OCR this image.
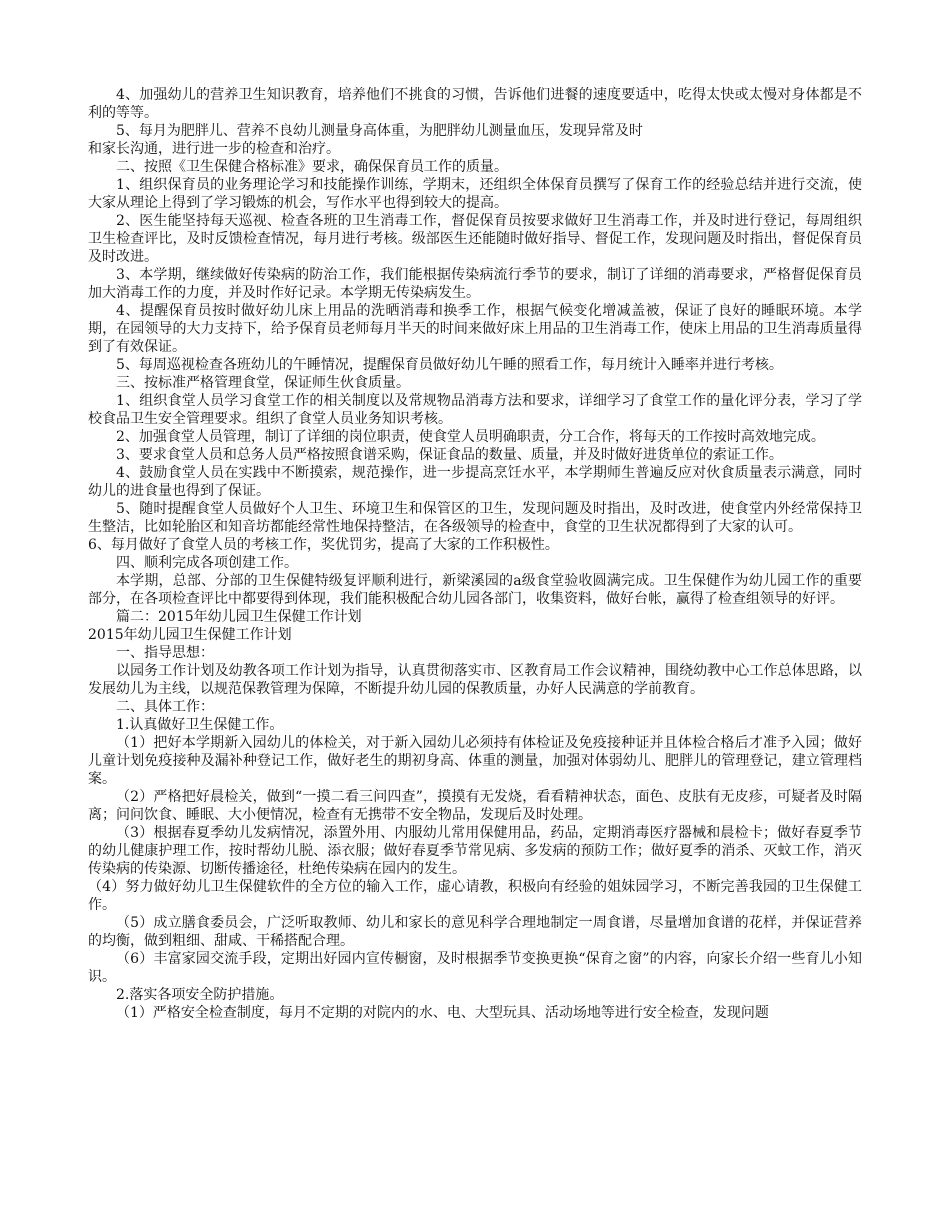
4、加强幼儿的营养卫生知识教育，培养他们不挑食的习惯，告诉他们进餐的速度要适中，吃得太快或太慢对身体都是不利的等等。

5、每月为肥胖儿、营养不良幼儿测量身高体重，为肥胖幼儿测量血压，发现异常及时

和家长沟通，进行进一步的检查和治疗。

二、按照《卫生保健合格标准》要求，确保保育员工作的质量。

1、组织保育员的业务理论学习和技能操作训练，学期末，还组织全体保育员撰写了保育工作的经验总结并进行交流，使大家从理论上得到了学习锻炼的机会，写作水平也得到较大的提高。

2、医生能坚持每天巡视、检查各班的卫生消毒工作，督促保育员按要求做好卫生消毒工作，并及时进行登记，每周组织卫生检查评比，及时反馈检查情况，每月进行考核。级部医生还能随时做好指导、督促工作，发现问题及时指出，督促保育员及时改进。

3、本学期，继续做好传染病的防治工作，我们能根据传染病流行季节的要求，制订了详细的消毒要求，严格督促保育员加大消毒工作的力度，并及时作好记录。本学期无传染病发生。

4、提醒保育员按时做好幼儿床上用品的洗晒消毒和换季工作，根据气候变化增减盖被，保证了良好的睡眠环境。本学期，在园领导的大力支持下，给予保育员老师每月半天的时间来做好床上用品的卫生消毒工作，使床上用品的卫生消毒质量得到了有效保证。

5、每周巡视检查各班幼儿的午睡情况，提醒保育员做好幼儿午睡的照看工作，每月统计入睡率并进行考核。

三、按标准严格管理食堂，保证师生伙食质量。

1、组织食堂人员学习食堂工作的相关制度以及常规物品消毒方法和要求，详细学习了食堂工作的量化评分表，学习了学校食品卫生安全管理要求。组织了食堂人员业务知识考核。

2、加强食堂人员管理，制订了详细的岗位职责，使食堂人员明确职责，分工合作，将每天的工作按时高效地完成。

3、要求食堂人员和总务人员严格按照食谱采购，保证食品的数量、质量，并及时做好进货单位的索证工作。

4、鼓励食堂人员在实践中不断摸索，规范操作，进一步提高烹饪水平，本学期师生普遍反应对伙食质量表示满意，同时幼儿的进食量也得到了保证。

5、随时提醒食堂人员做好个人卫生、环境卫生和保管区的卫生，发现问题及时指出，及时改进，使食堂内外经常保持卫生整洁，比如轮胎区和知音坊都能经常性地保持整洁，在各级领导的检查中，食堂的卫生状况都得到了大家的认可。

6、每月做好了食堂人员的考核工作，奖优罚劣，提高了大家的工作积极性。

四、顺利完成各项创建工作。

本学期，总部、分部的卫生保健特级复评顺利进行，新梁溪园的a级食堂验收圆满完成。卫生保健作为幼儿园工作的重要部分，在各项检查评比中都要得到体现，我们能积极配合幼儿园各部门，收集资料，做好台帐，赢得了检查组领导的好评。

篇二：2015年幼儿园卫生保健工作计划

2015年幼儿园卫生保健工作计划

一、指导思想：

以园务工作计划及幼教各项工作计划为指导，认真贯彻落实市、区教育局工作会议精神，围绕幼教中心工作总体思路，以发展幼儿为主线，以规范保教管理为保障，不断提升幼儿园的保教质量，办好人民满意的学前教育。

二、具体工作：

1.认真做好卫生保健工作。

（1）把好本学期新入园幼儿的体检关，对于新入园幼儿必须持有体检证及免疫接种证并且体检合格后才准予入园；做好儿童计划免疫接种及漏补种登记工作，做好老生的期初身高、体重的测量，加强对体弱幼儿、肥胖儿的管理登记，建立管理档案。

（2）严格把好晨检关，做到“一摸二看三问四查”，摸摸有无发烧，看看精神状态，面色、皮肤有无皮疹，可疑者及时隔离；问问饮食、睡眠、大小便情况，检查有无携带不安全物品，发现后及时处理。

（3）根据春夏季幼儿发病情况，添置外用、内服幼儿常用保健用品，药品，定期消毒医疗器械和晨检卡；做好春夏季节的幼儿健康护理工作，按时帮幼儿脱、添衣服；做好春夏季节常见病、多发病的预防工作；做好夏季的消杀、灭蚊工作，消灭传染病的传染源、切断传播途径，杜绝传染病在园内的发生。

（4）努力做好幼儿卫生保健软件的全方位的输入工作，虚心请教，积极向有经验的姐妹园学习，不断完善我园的卫生保健工作。

（5）成立膳食委员会，广泛听取教师、幼儿和家长的意见科学合理地制定一周食谱，尽量增加食谱的花样，并保证营养的均衡，做到粗细、甜咸、干稀搭配合理。

（6）丰富家园交流手段，定期出好园内宣传橱窗，及时根据季节变换更换“保育之窗”的内容，向家长介绍一些育儿小知识。

2.落实各项安全防护措施。

（1）严格安全检查制度，每月不定期的对院内的水、电、大型玩具、活动场地等进行安全检查，发现问题
